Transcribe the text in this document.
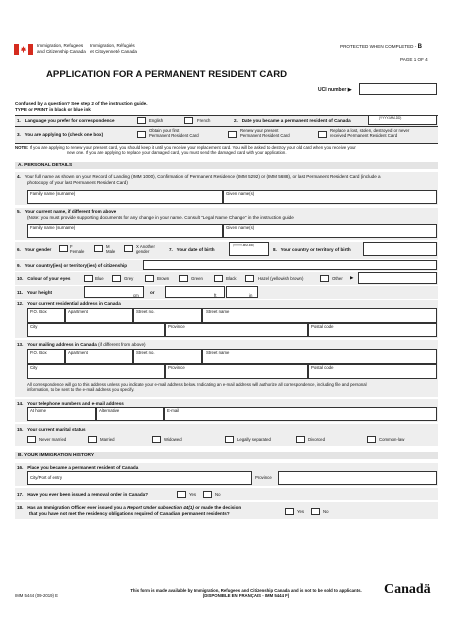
Immigration, Refugees
and Citizenship Canada
Immigration, Réfugiés
et Citoyenneté Canada
PROTECTED WHEN COMPLETED - B
PAGE 1 OF 4
APPLICATION FOR A PERMANENT RESIDENT CARD
UCI number ▶
Confused by a question? See step 2 of the instruction guide.
TYPE or PRINT in black or blue ink
1. Language you prefer for correspondence	English	French	2. Date you became a permanent resident of Canada	(YYYY-MM-DD)
3. You are applying to (check one box)
Obtain your first
Permanent Resident Card
Renew your present
Permanent Resident Card
Replace a lost, stolen, destroyed or never
received Permanent Resident Card
NOTE: If you are applying to renew your present card, you should keep it until you receive your replacement card. You will be asked to destroy your old card when you receive your
new one. If you are applying to replace your damaged card, you must send the damaged card with your application.
A. PERSONAL DETAILS
4. Your full name as shown on your Record of Landing (IMM 1000), Confirmation of Permanent Residence (IMM 5292) or (IMM 5688), or last Permanent Resident Card (include a
photocopy of your last Permanent Resident Card)
Family name (surname)	Given name(s)
5. Your current name, if different from above
(Note: you must provide supporting documents for any change in your name. Consult "Legal Name Change" in the instruction guide
Family name (surname)	Given name(s)
6. Your gender
F
Female
M
Male
X Another
gender	7. Your date of birth
(YYYY-MM-DD)
8. Your country or territory of birth
9. Your country(ies) or territory(ies) of citizenship
10. Colour of your eyes	Blue	Grey	Brown	Green	Black	Hazel (yellowish brown)	Other ▶
11. Your height
cm
or
ft	in
12. Your current residential address in Canada
P.O. Box	Apartment	Street no.	Street name
City	Province	Postal code
13. Your mailing address in Canada (if different from above)
P.O. Box	Apartment	Street no.	Street name
City	Province	Postal code
All correspondence will go to this address unless you indicate your e-mail address below. Indicating an e-mail address will authorize all correspondence, including file and personal
information, to be sent to the e-mail address you specify.
14. Your telephone numbers and e-mail address
At home	Alternative	E-mail
15. Your current marital status
Never married	Married	Widowed	Legally separated	Divorced	Common-law
B. YOUR IMMIGRATION HISTORY
16. Place you became a permanent resident of Canada
City/Port of entry	Province
17. Have you ever been issued a removal order in Canada?	Yes	No
18. Has an Immigration Officer ever issued you a Report Under subsection 44(1) or made the decision
that you have not met the residency obligations required of Canadian permanent residents?	Yes	No
This form is made available by Immigration, Refugees and Citizenship Canada and is not to be sold to applicants.
(DISPONIBLE EN FRANÇAIS - IMM 5444 F)
IMM 5444 (09-2019) E	Canadä
